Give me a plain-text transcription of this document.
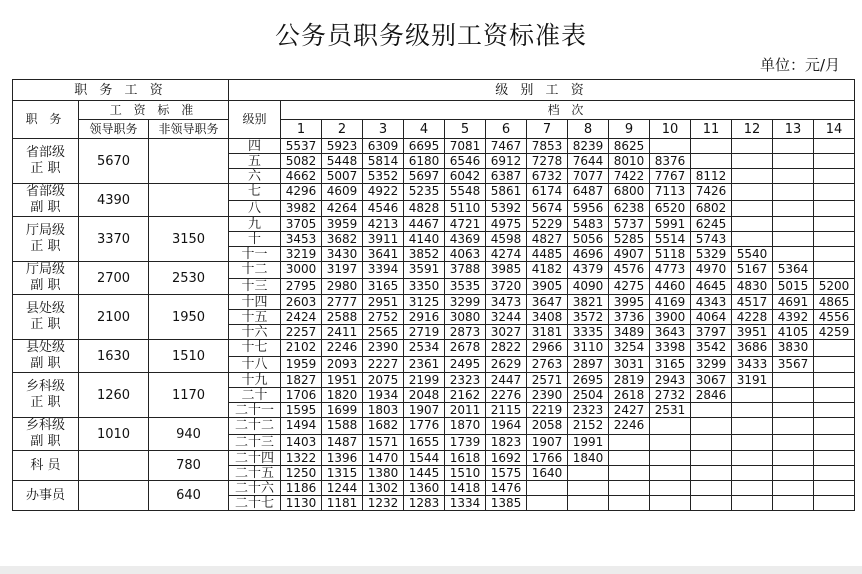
公务员职务级别工资标准表
单位：元/月
职 务 工 资			级 别 工 资														
职 务	工 资 标 准		级别	档 次													
	领导职务	非领导职务		1	2	3	4	5	6	7	8	9	10	11	12	13	14
省部级正 职	5670		四	5537	5923	6309	6695	7081	7467	7853	8239	8625					
			五	5082	5448	5814	6180	6546	6912	7278	7644	8010	8376				
			六	4662	5007	5352	5697	6042	6387	6732	7077	7422	7767	8112			
省部级副 职	4390		七	4296	4609	4922	5235	5548	5861	6174	6487	6800	7113	7426			
			八	3982	4264	4546	4828	5110	5392	5674	5956	6238	6520	6802			
厅局级正 职	3370	3150	九	3705	3959	4213	4467	4721	4975	5229	5483	5737	5991	6245			
			十	3453	3682	3911	4140	4369	4598	4827	5056	5285	5514	5743			
			十一	3219	3430	3641	3852	4063	4274	4485	4696	4907	5118	5329	5540		
厅局级副 职	2700	2530	十二	3000	3197	3394	3591	3788	3985	4182	4379	4576	4773	4970	5167	5364	
			十三	2795	2980	3165	3350	3535	3720	3905	4090	4275	4460	4645	4830	5015	5200
县处级正 职	2100	1950	十四	2603	2777	2951	3125	3299	3473	3647	3821	3995	4169	4343	4517	4691	4865
			十五	2424	2588	2752	2916	3080	3244	3408	3572	3736	3900	4064	4228	4392	4556
			十六	2257	2411	2565	2719	2873	3027	3181	3335	3489	3643	3797	3951	4105	4259
县处级副 职	1630	1510	十七	2102	2246	2390	2534	2678	2822	2966	3110	3254	3398	3542	3686	3830	
			十八	1959	2093	2227	2361	2495	2629	2763	2897	3031	3165	3299	3433	3567	
乡科级正 职	1260	1170	十九	1827	1951	2075	2199	2323	2447	2571	2695	2819	2943	3067	3191		
			二十	1706	1820	1934	2048	2162	2276	2390	2504	2618	2732	2846			
			二十一	1595	1699	1803	1907	2011	2115	2219	2323	2427	2531				
乡科级副 职	1010	940	二十二	1494	1588	1682	1776	1870	1964	2058	2152	2246					
			二十三	1403	1487	1571	1655	1739	1823	1907	1991						
科 员		780	二十四	1322	1396	1470	1544	1618	1692	1766	1840						
			二十五	1250	1315	1380	1445	1510	1575	1640							
办事员		640	二十六	1186	1244	1302	1360	1418	1476								
			二十七	1130	1181	1232	1283	1334	1385								
